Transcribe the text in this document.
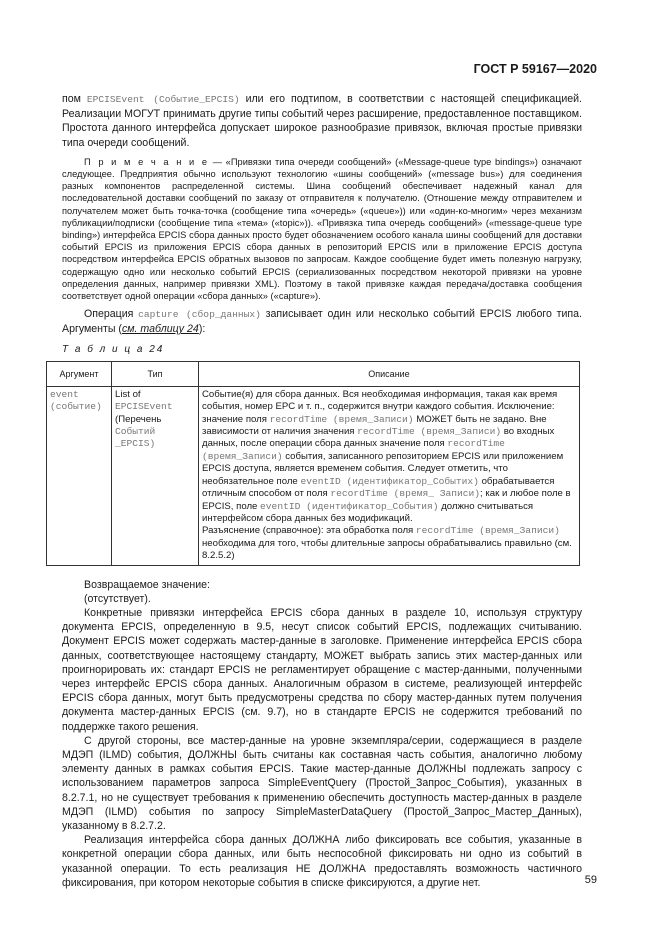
ГОСТ Р 59167—2020

пом EPCISEvent (Событие_EPCIS) или его подтипом, в соответствии с настоящей спецификацией. Реализации МОГУТ принимать другие типы событий через расширение, предоставленное поставщиком. Простота данного интерфейса допускает широкое разнообразие привязок, включая простые привязки типа очереди сообщений.

П р и м е ч а н и е — «Привязки типа очереди сообщений» («Message-queue type bindings») означают следующее. Предприятия обычно используют технологию «шины сообщений» («message bus») для соединения разных компонентов распределенной системы. Шина сообщений обеспечивает надежный канал для последовательной доставки сообщений по заказу от отправителя к получателю. (Отношение между отправителем и получателем может быть точка-точка (сообщение типа «очередь» («queue»)) или «один-ко-многим» через механизм публикации/подписки (сообщение типа «тема» («topic»)). «Привязка типа очередь сообщений» («message-queue type binding») интерфейса EPCIS сбора данных просто будет обозначением особого канала шины сообщений для доставки событий EPCIS из приложения EPCIS сбора данных в репозиторий EPCIS или в приложение EPCIS доступа посредством интерфейса EPCIS обратных вызовов по запросам. Каждое сообщение будет иметь полезную нагрузку, содержащую одно или несколько событий EPCIS (сериализованных посредством некоторой привязки на уровне определения данных, например привязки XML). Поэтому в такой привязке каждая передача/доставка сообщения соответствует одной операции «сбора данных» («capture»).

Операция capture (сбор_данных) записывает один или несколько событий EPCIS любого типа. Аргументы (см. таблицу 24):

Т а б л и ц а 24
Аргумент	Тип	Описание
event (событие)	List of EPCISEvent (Перечень Событий _EPCIS)	Событие(я) для сбора данных. Вся необходимая информация, такая как время события, номер EPC и т. п., содержится внутри каждого события. Исключение: значение поля recordTime (время_Записи) МОЖЕТ быть не задано. Вне зависимости от наличия значения recordTime (время_Записи) во входных данных, после операции сбора данных значение поля recordTime (время_Записи) события, записанного репозиторием EPCIS или приложением EPCIS доступа, является временем события. Следует отметить, что необязательное поле eventID (идентификатор_Событих) обрабатывается отличным способом от поля recordTime (время_ Записи); как и любое поле в EPCIS, поле eventID (идентификатор_События) должно считываться интерфейсом сбора данных без модификаций.
Разъяснение (справочное): эта обработка поля recordTime (время_Записи) необходима для того, чтобы длительные запросы обрабатывались правильно (см. 8.2.5.2)

Возвращаемое значение:

(отсутствует).

Конкретные привязки интерфейса EPCIS сбора данных в разделе 10, используя структуру документа EPCIS, определенную в 9.5, несут список событий EPCIS, подлежащих считыванию. Документ EPCIS может содержать мастер-данные в заголовке. Применение интерфейса EPCIS сбора данных, соответствующее настоящему стандарту, МОЖЕТ выбрать запись этих мастер-данных или проигнорировать их: стандарт EPCIS не регламентирует обращение с мастер-данными, полученными через интерфейс EPCIS сбора данных. Аналогичным образом в системе, реализующей интерфейс EPCIS сбора данных, могут быть предусмотрены средства по сбору мастер-данных путем получения документа мастер-данных EPCIS (см. 9.7), но в стандарте EPCIS не содержится требований по поддержке такого решения.

С другой стороны, все мастер-данные на уровне экземпляра/серии, содержащиеся в разделе МДЭП (ILMD) события, ДОЛЖНЫ быть считаны как составная часть события, аналогично любому элементу данных в рамках события EPCIS. Такие мастер-данные ДОЛЖНЫ подлежать запросу с использованием параметров запроса SimpleEventQuery (Простой_Запрос_События), указанных в 8.2.7.1, но не существует требования к применению обеспечить доступность мастер-данных в разделе МДЭП (ILMD) события по запросу SimpleMasterDataQuery (Простой_Запрос_Мастер_Данных), указанному в 8.2.7.2.

Реализация интерфейса сбора данных ДОЛЖНА либо фиксировать все события, указанные в конкретной операции сбора данных, или быть неспособной фиксировать ни одно из событий в указанной операции. То есть реализация НЕ ДОЛЖНА предоставлять возможность частичного фиксирования, при котором некоторые события в списке фиксируются, а другие нет.	59
